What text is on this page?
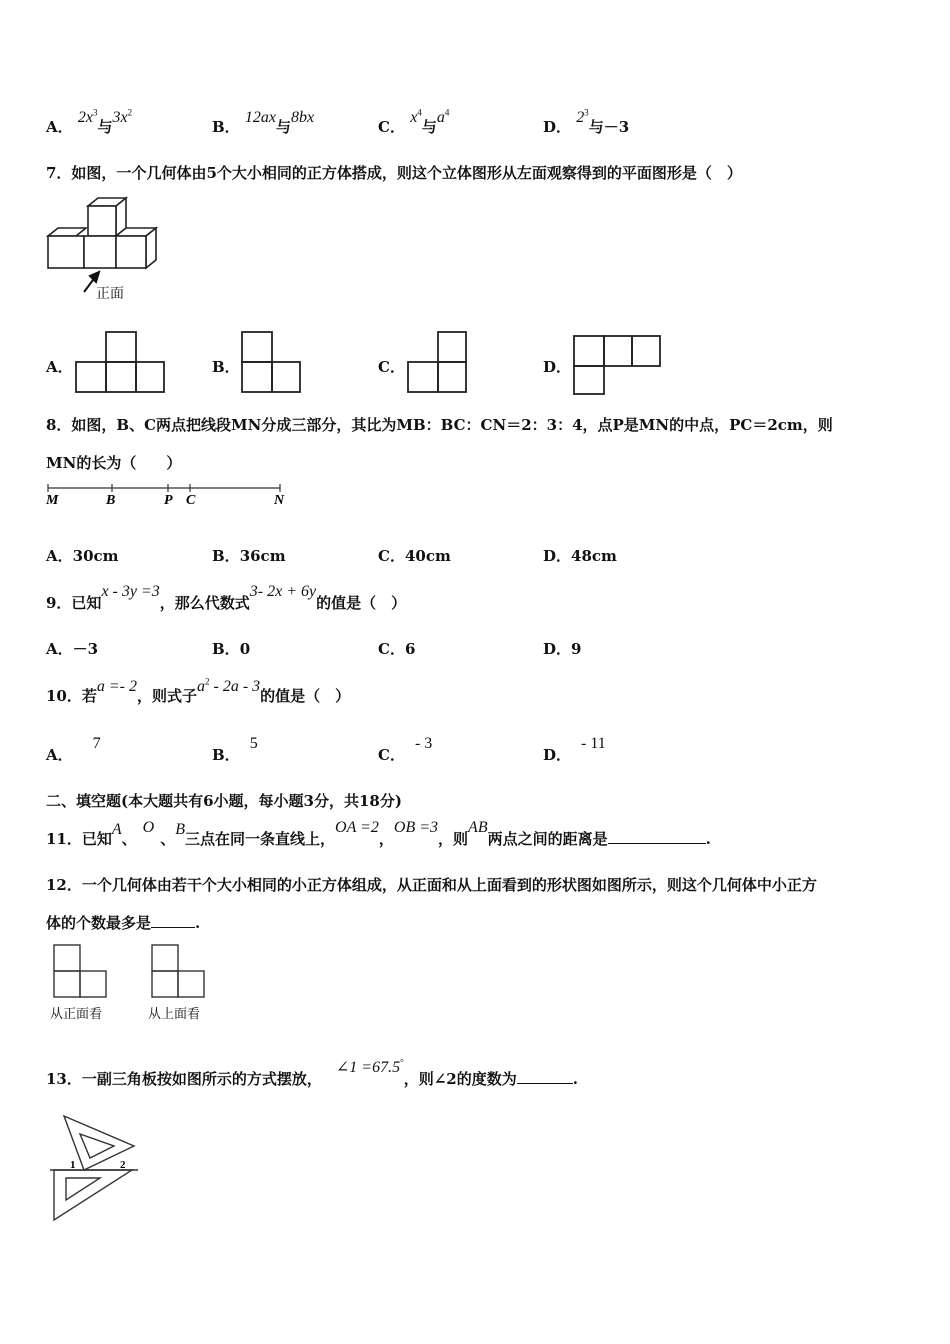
A． $2x^3$与$3x^2$
B． 12ax与8bx
C． $x^4$与$a^4$
D． $2^3$与－3
7．如图，一个几何体由5个大小相同的正方体搭成，则这个立体图形从左面观察得到的平面图形是（　）
正面
A．	B．	C．	D．
8．如图，B、C两点把线段MN分成三部分，其比为MB：BC：CN＝2：3：4，点P是MN的中点，PC＝2cm，则
MN的长为（　　）
M	B	P C	N
A．30cm	B．36cm	C．40cm	D．48cm
9．已知x - 3y =3，那么代数式3- 2x + 6y的值是（　）
A．－3	B．0	C．6	D．9
10．若a =- 2，则式子$a^2 - 2a - 3$的值是（　）
A．7
B．5
C．- 3
D．- 11
二、填空题(本大题共有6小题，每小题3分，共18分)
11．已知A、O、B三点在同一条直线上，OA =2，OB =3，则AB两点之间的距离是	.
12．一个几何体由若干个大小相同的小正方体组成，从正面和从上面看到的形状图如图所示，则这个几何体中小正方
体的个数最多是	.
从正面看	从上面看
13．一副三角板按如图所示的方式摆放，∠1 =67.5°，则∠2的度数为	.
1	2
